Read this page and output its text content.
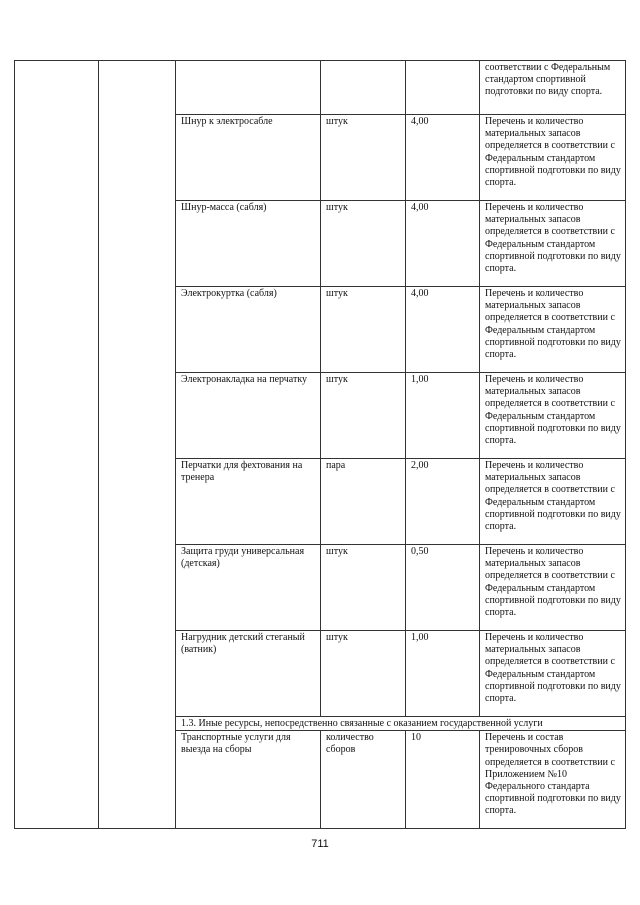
					соответствии с Федеральным стандартом спортивной подготовки по виду спорта.
		Шнур к электросабле	штук	4,00	Перечень и количество материальных запасов определяется в соответствии с Федеральным стандартом спортивной подготовки по виду спорта.
		Шнур-масса (сабля)	штук	4,00	Перечень и количество материальных запасов определяется в соответствии с Федеральным стандартом спортивной подготовки по виду спорта.
		Электрокуртка (сабля)	штук	4,00	Перечень и количество материальных запасов определяется в соответствии с Федеральным стандартом спортивной подготовки по виду спорта.
		Электронакладка на перчатку	штук	1,00	Перечень и количество материальных запасов определяется в соответствии с Федеральным стандартом спортивной подготовки по виду спорта.
		Перчатки для фехтования на тренера	пара	2,00	Перечень и количество материальных запасов определяется в соответствии с Федеральным стандартом спортивной подготовки по виду спорта.
		Защита груди универсальная (детская)	штук	0,50	Перечень и количество материальных запасов определяется в соответствии с Федеральным стандартом спортивной подготовки по виду спорта.
		Нагрудник детский стеганый (ватник)	штук	1,00	Перечень и количество материальных запасов определяется в соответствии с Федеральным стандартом спортивной подготовки по виду спорта.
		1.3. Иные ресурсы, непосредственно связанные с оказанием государственной услуги			
		Транспортные услуги для выезда на сборы	количество сборов	10	Перечень и состав тренировочных сборов определяется в соответствии с Приложением №10 Федерального стандарта спортивной подготовки по виду спорта.
711
